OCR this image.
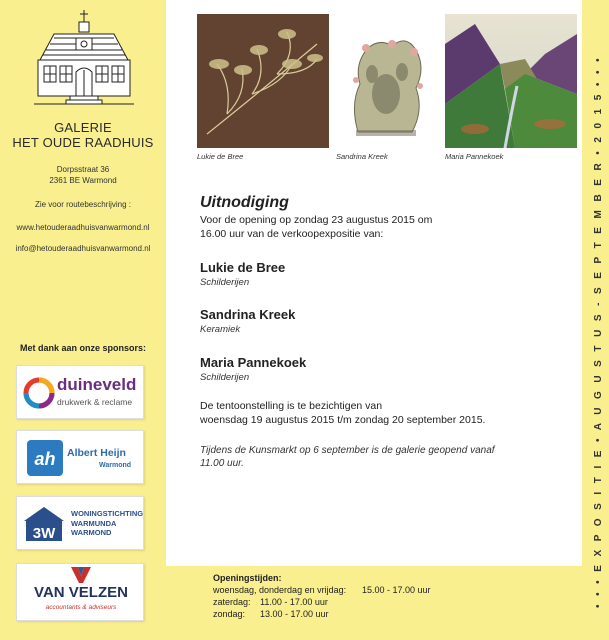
GALERIE
HET OUDE RAADHUIS
Dorpsstraat 36
2361 BE Warmond
Zie voor routebeschrijving :
www.hetouderaadhuisvanwarmond.nl
info@hetouderaadhuisvanwarmond.nl
Met dank aan onze sponsors:
duineveld
drukwerk & reclame
ah Albert Heijn
Warmond
3W
WONINGSTICHTING
WARMUNDA
WARMOND
VAN VELZEN
accountants & adviseurs	• • • E X P O S I T I E • A U G U S T U S - S E P T E M B E R • 2 0 1 5 • • •
Openingstijden:
woensdag, donderdag en vrijdag: 15.00 - 17.00 uur
zaterdag: 11.00 - 17.00 uur
zondag: 13.00 - 17.00 uur
Lukie de Bree	Sandrina Kreek	Maria Pannekoek
Uitnodiging
Voor de opening op zondag 23 augustus 2015 om
16.00 uur van de verkoopexpositie van:
Lukie de Bree
Schilderijen
Sandrina Kreek
Keramiek
Maria Pannekoek
Schilderijen
De tentoonstelling is te bezichtigen van
woensdag 19 augustus 2015 t/m zondag 20 september 2015.
Tijdens de Kunsmarkt op 6 september is de galerie geopend vanaf
11.00 uur.
